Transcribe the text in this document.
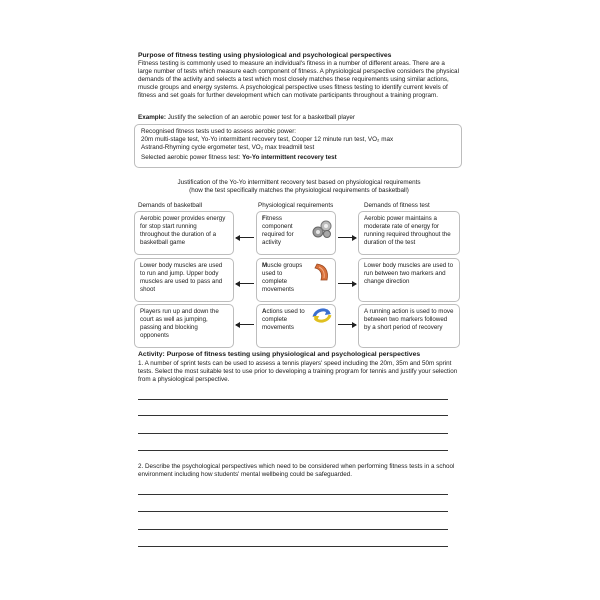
Purpose of fitness testing using physiological and psychological perspectives
Fitness testing is commonly used to measure an individual's fitness in a number of different areas. There are a large number of tests which measure each component of fitness. A physiological perspective considers the physical demands of the activity and selects a test which most closely matches these requirements using similar actions, muscle groups and energy systems. A psychological perspective uses fitness testing to identify current levels of fitness and set goals for further development which can motivate participants throughout a training program.
Example: Justify the selection of an aerobic power test for a basketball player
Recognised fitness tests used to assess aerobic power:
20m multi-stage test, Yo-Yo intermittent recovery test, Cooper 12 minute run test, VO₂ max
Astrand-Rhyming cycle ergometer test, VO₂ max treadmill test
Selected aerobic power fitness test: Yo-Yo intermittent recovery test
Justification of the Yo-Yo intermittent recovery test based on physiological requirements
(how the test specifically matches the physiological requirements of basketball)
Demands of basketball	Physiological requirements	Demands of fitness test
Aerobic power provides energy for stop start running throughout the duration of a basketball game
Fitness component required for activity
Aerobic power maintains a moderate rate of energy for running required throughout the duration of the test
Lower body muscles are used to run and jump. Upper body muscles are used to pass and shoot
Muscle groups used to complete movements
Lower body muscles are used to run between two markers and change direction
Players run up and down the court as well as jumping, passing and blocking opponents
Actions used to complete movements
A running action is used to move between two markers followed by a short period of recovery
Activity: Purpose of fitness testing using physiological and psychological perspectives
1. A number of sprint tests can be used to assess a tennis players' speed including the 20m, 35m and 50m sprint tests. Select the most suitable test to use prior to developing a training program for tennis and justify your selection from a physiological perspective.
2. Describe the psychological perspectives which need to be considered when performing fitness tests in a school environment including how students' mental wellbeing could be safeguarded.
